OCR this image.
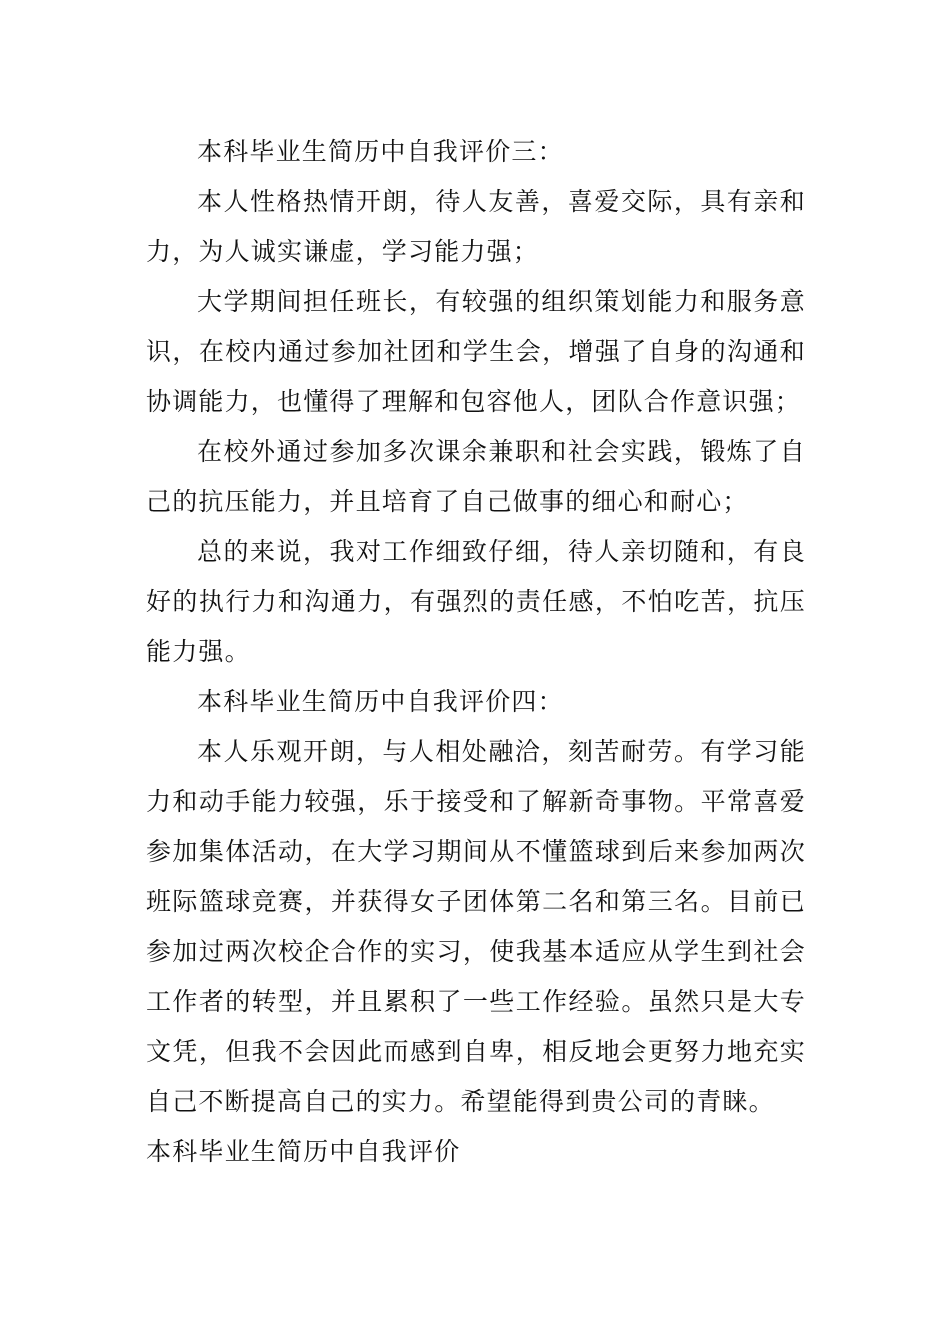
本科毕业生简历中自我评价三：

本人性格热情开朗，待人友善，喜爱交际，具有亲和力，为人诚实谦虚，学习能力强；

大学期间担任班长，有较强的组织策划能力和服务意识，在校内通过参加社团和学生会，增强了自身的沟通和协调能力，也懂得了理解和包容他人，团队合作意识强；

在校外通过参加多次课余兼职和社会实践，锻炼了自己的抗压能力，并且培育了自己做事的细心和耐心；

总的来说，我对工作细致仔细，待人亲切随和，有良好的执行力和沟通力，有强烈的责任感，不怕吃苦，抗压能力强。

本科毕业生简历中自我评价四：

本人乐观开朗，与人相处融洽，刻苦耐劳。有学习能力和动手能力较强，乐于接受和了解新奇事物。平常喜爱参加集体活动，在大学习期间从不懂篮球到后来参加两次班际篮球竞赛，并获得女子团体第二名和第三名。目前已参加过两次校企合作的实习，使我基本适应从学生到社会工作者的转型，并且累积了一些工作经验。虽然只是大专文凭，但我不会因此而感到自卑，相反地会更努力地充实自己不断提高自己的实力。希望能得到贵公司的青睐。

本科毕业生简历中自我评价
